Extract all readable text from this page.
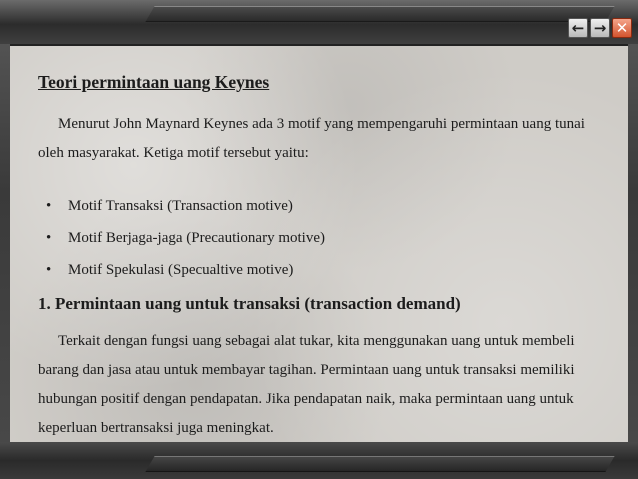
← → ✕
Teori permintaan uang Keynes
Menurut John Maynard Keynes ada 3 motif yang mempengaruhi permintaan uang tunai oleh masyarakat. Ketiga motif tersebut yaitu:
• Motif Transaksi (Transaction motive)
• Motif Berjaga-jaga (Precautionary motive)
• Motif Spekulasi (Specualtive motive)
1. Permintaan uang untuk transaksi (transaction demand)
Terkait dengan fungsi uang sebagai alat tukar, kita menggunakan uang untuk membeli barang dan jasa atau untuk membayar tagihan. Permintaan uang untuk transaksi memiliki hubungan positif dengan pendapatan. Jika pendapatan naik, maka permintaan uang untuk keperluan bertransaksi juga meningkat.
